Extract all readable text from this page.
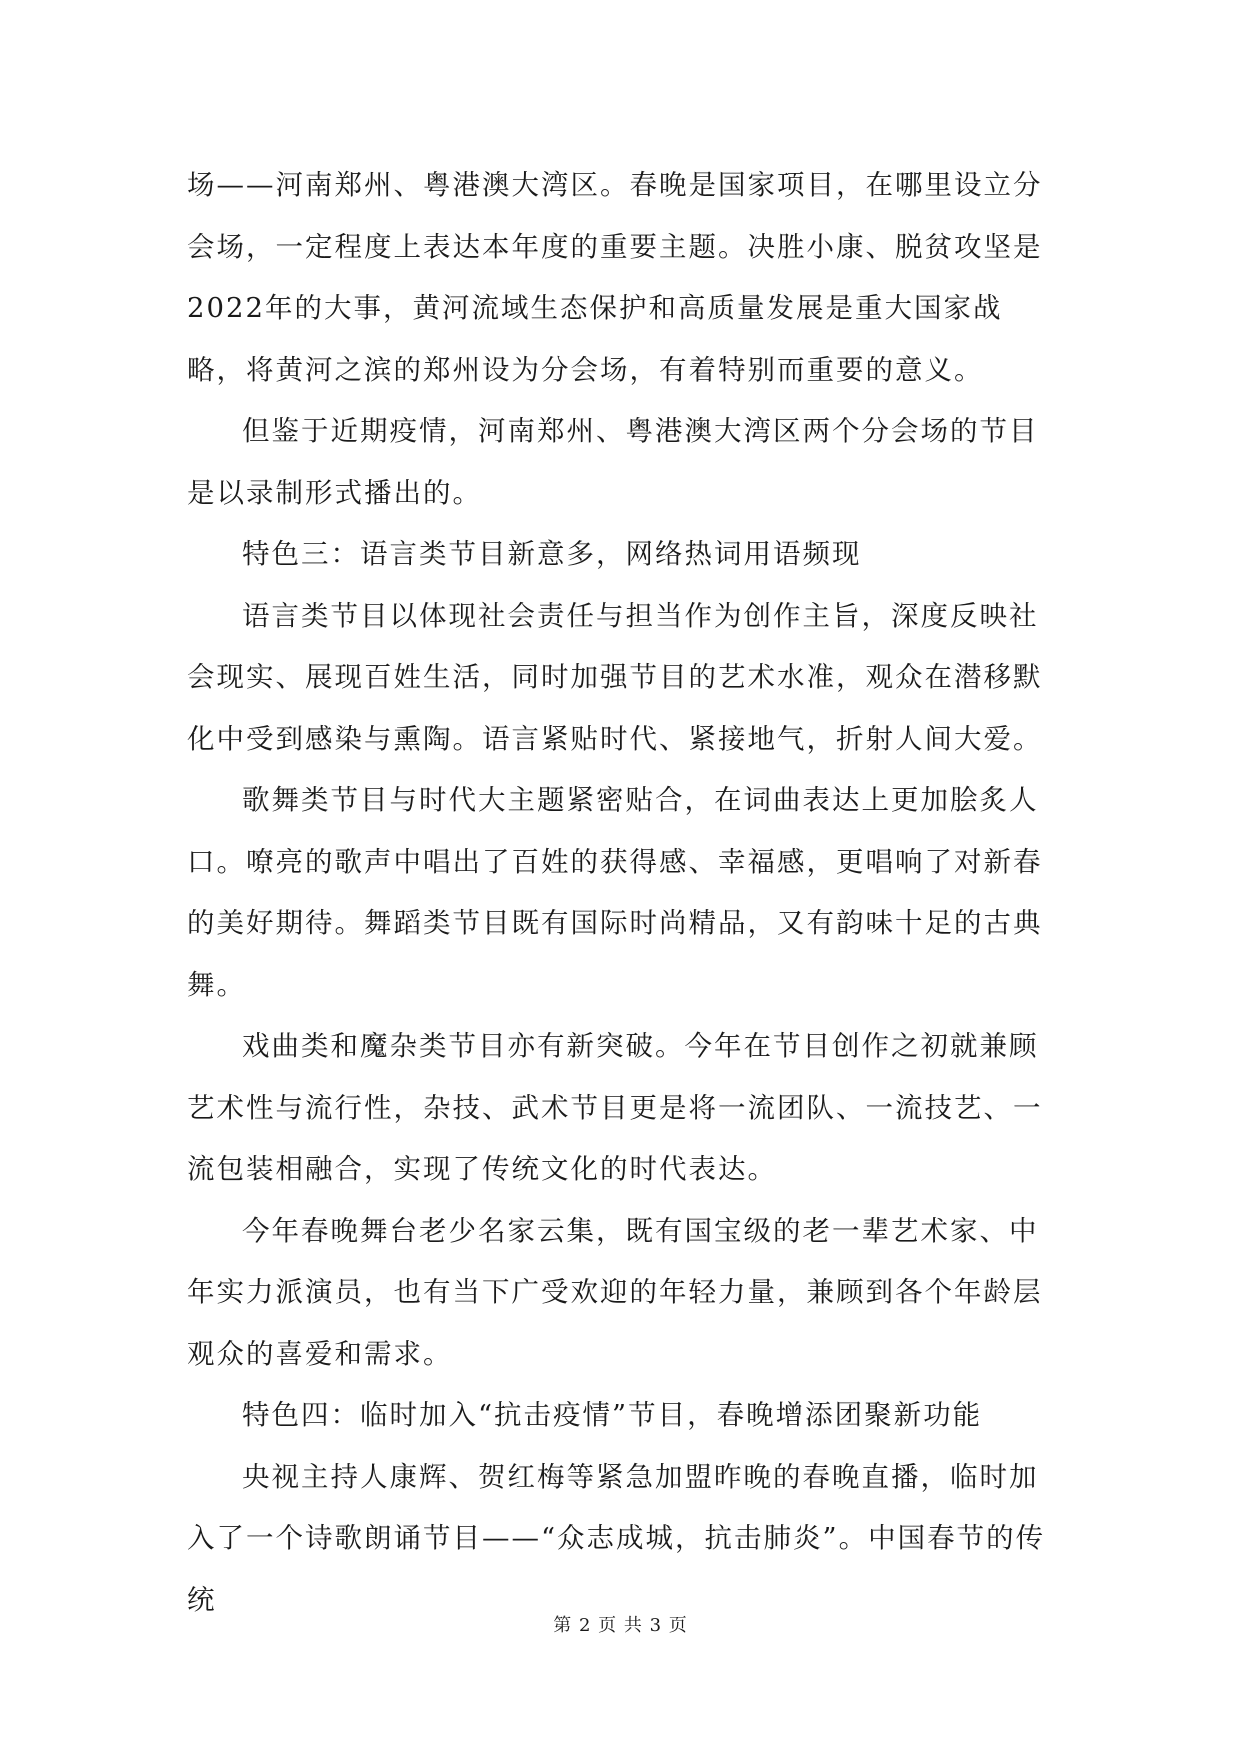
场——河南郑州、粤港澳大湾区。春晚是国家项目，在哪里设立分会场，一定程度上表达本年度的重要主题。决胜小康、脱贫攻坚是2022年的大事，黄河流域生态保护和高质量发展是重大国家战略，将黄河之滨的郑州设为分会场，有着特别而重要的意义。

但鉴于近期疫情，河南郑州、粤港澳大湾区两个分会场的节目是以录制形式播出的。

特色三：语言类节目新意多，网络热词用语频现

语言类节目以体现社会责任与担当作为创作主旨，深度反映社会现实、展现百姓生活，同时加强节目的艺术水准，观众在潜移默化中受到感染与熏陶。语言紧贴时代、紧接地气，折射人间大爱。

歌舞类节目与时代大主题紧密贴合，在词曲表达上更加脍炙人口。嘹亮的歌声中唱出了百姓的获得感、幸福感，更唱响了对新春的美好期待。舞蹈类节目既有国际时尚精品，又有韵味十足的古典舞。

戏曲类和魔杂类节目亦有新突破。今年在节目创作之初就兼顾艺术性与流行性，杂技、武术节目更是将一流团队、一流技艺、一流包装相融合，实现了传统文化的时代表达。

今年春晚舞台老少名家云集，既有国宝级的老一辈艺术家、中年实力派演员，也有当下广受欢迎的年轻力量，兼顾到各个年龄层观众的喜爱和需求。

特色四：临时加入“抗击疫情”节目，春晚增添团聚新功能

央视主持人康辉、贺红梅等紧急加盟昨晚的春晚直播，临时加入了一个诗歌朗诵节目——“众志成城，抗击肺炎”。中国春节的传统

第 2 页 共 3 页
